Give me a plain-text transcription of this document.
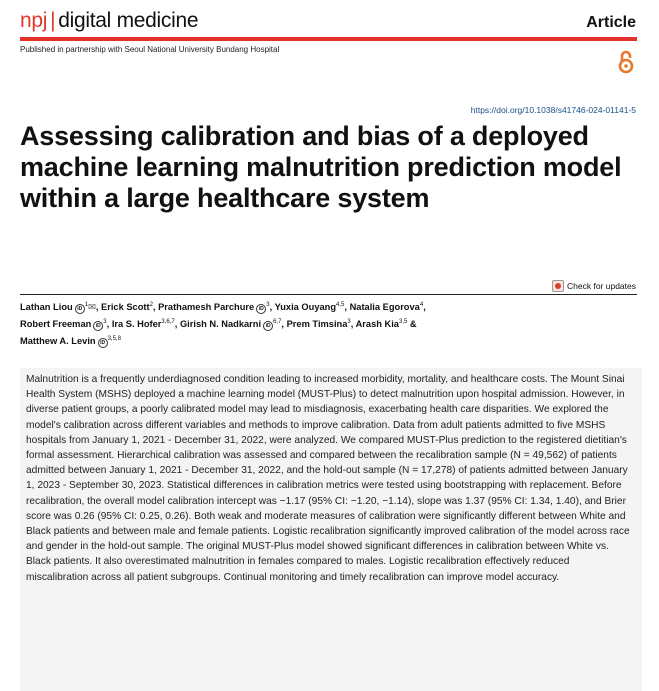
npj | digital medicine	Article
Published in partnership with Seoul National University Bundang Hospital
https://doi.org/10.1038/s41746-024-01141-5
Assessing calibration and bias of a deployed machine learning malnutrition prediction model within a large healthcare system
Check for updates
Lathan Liou $iD^1✉$, Erick Scott$^2$, Prathamesh Parchure $iD^3$, Yuxia Ouyang$^{4,5}$, Natalia Egorova$^4$,
Robert Freeman $iD^3$, Ira S. Hofer$^{3,6,7}$, Girish N. Nadkarni iD$^{6,7}$, Prem Timsina$^3$, Arash Kia$^{3,5}$ &
Matthew A. Levin iD$^{3,5,8}$

Malnutrition is a frequently underdiagnosed condition leading to increased morbidity, mortality, and healthcare costs. The Mount Sinai Health System (MSHS) deployed a machine learning model (MUST-Plus) to detect malnutrition upon hospital admission. However, in diverse patient groups, a poorly calibrated model may lead to misdiagnosis, exacerbating health care disparities. We explored the model's calibration across different variables and methods to improve calibration. Data from adult patients admitted to five MSHS hospitals from January 1, 2021 - December 31, 2022, were analyzed. We compared MUST-Plus prediction to the registered dietitian's formal assessment. Hierarchical calibration was assessed and compared between the recalibration sample (N = 49,562) of patients admitted between January 1, 2021 - December 31, 2022, and the hold-out sample (N = 17,278) of patients admitted between January 1, 2023 - September 30, 2023. Statistical differences in calibration metrics were tested using bootstrapping with replacement. Before recalibration, the overall model calibration intercept was −1.17 (95% CI: −1.20, −1.14), slope was 1.37 (95% CI: 1.34, 1.40), and Brier score was 0.26 (95% CI: 0.25, 0.26). Both weak and moderate measures of calibration were significantly different between White and Black patients and between male and female patients. Logistic recalibration significantly improved calibration of the model across race and gender in the hold-out sample. The original MUST-Plus model showed significant differences in calibration between White vs. Black patients. It also overestimated malnutrition in females compared to males. Logistic recalibration effectively reduced miscalibration across all patient subgroups. Continual monitoring and timely recalibration can improve model accuracy.
